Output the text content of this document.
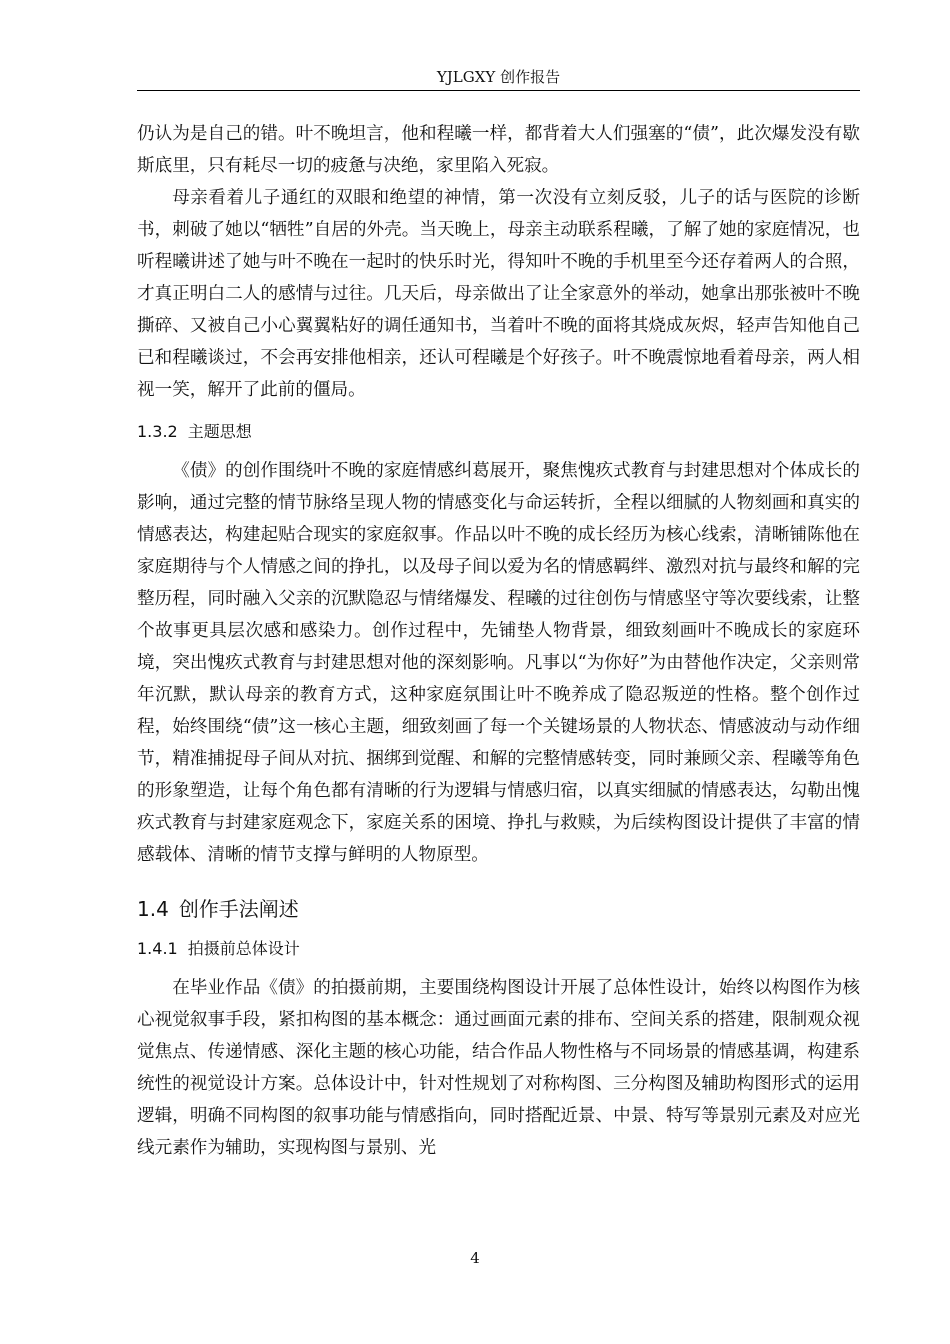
YJLGXY 创作报告

仍认为是自己的错。叶不晚坦言，他和程曦一样，都背着大人们强塞的“债”，此次爆发没有歇斯底里，只有耗尽一切的疲惫与决绝，家里陷入死寂。

母亲看着儿子通红的双眼和绝望的神情，第一次没有立刻反驳，儿子的话与医院的诊断书，刺破了她以“牺牲”自居的外壳。当天晚上，母亲主动联系程曦，了解了她的家庭情况，也听程曦讲述了她与叶不晚在一起时的快乐时光，得知叶不晚的手机里至今还存着两人的合照，才真正明白二人的感情与过往。几天后，母亲做出了让全家意外的举动，她拿出那张被叶不晚撕碎、又被自己小心翼翼粘好的调任通知书，当着叶不晚的面将其烧成灰烬，轻声告知他自己已和程曦谈过，不会再安排他相亲，还认可程曦是个好孩子。叶不晚震惊地看着母亲，两人相视一笑，解开了此前的僵局。

1.3.2 主题思想

《债》的创作围绕叶不晚的家庭情感纠葛展开，聚焦愧疚式教育与封建思想对个体成长的影响，通过完整的情节脉络呈现人物的情感变化与命运转折，全程以细腻的人物刻画和真实的情感表达，构建起贴合现实的家庭叙事。作品以叶不晚的成长经历为核心线索，清晰铺陈他在家庭期待与个人情感之间的挣扎，以及母子间以爱为名的情感羁绊、激烈对抗与最终和解的完整历程，同时融入父亲的沉默隐忍与情绪爆发、程曦的过往创伤与情感坚守等次要线索，让整个故事更具层次感和感染力。创作过程中，先铺垫人物背景，细致刻画叶不晚成长的家庭环境，突出愧疚式教育与封建思想对他的深刻影响。凡事以“为你好”为由替他作决定，父亲则常年沉默，默认母亲的教育方式，这种家庭氛围让叶不晚养成了隐忍叛逆的性格。整个创作过程，始终围绕“债”这一核心主题，细致刻画了每一个关键场景的人物状态、情感波动与动作细节，精准捕捉母子间从对抗、捆绑到觉醒、和解的完整情感转变，同时兼顾父亲、程曦等角色的形象塑造，让每个角色都有清晰的行为逻辑与情感归宿，以真实细腻的情感表达，勾勒出愧疚式教育与封建家庭观念下，家庭关系的困境、挣扎与救赎，为后续构图设计提供了丰富的情感载体、清晰的情节支撑与鲜明的人物原型。

1.4 创作手法阐述
1.4.1 拍摄前总体设计

在毕业作品《债》的拍摄前期，主要围绕构图设计开展了总体性设计，始终以构图作为核心视觉叙事手段，紧扣构图的基本概念：通过画面元素的排布、空间关系的搭建，限制观众视觉焦点、传递情感、深化主题的核心功能，结合作品人物性格与不同场景的情感基调，构建系统性的视觉设计方案。总体设计中，针对性规划了对称构图、三分构图及辅助构图形式的运用逻辑，明确不同构图的叙事功能与情感指向，同时搭配近景、中景、特写等景别元素及对应光线元素作为辅助，实现构图与景别、光

4
